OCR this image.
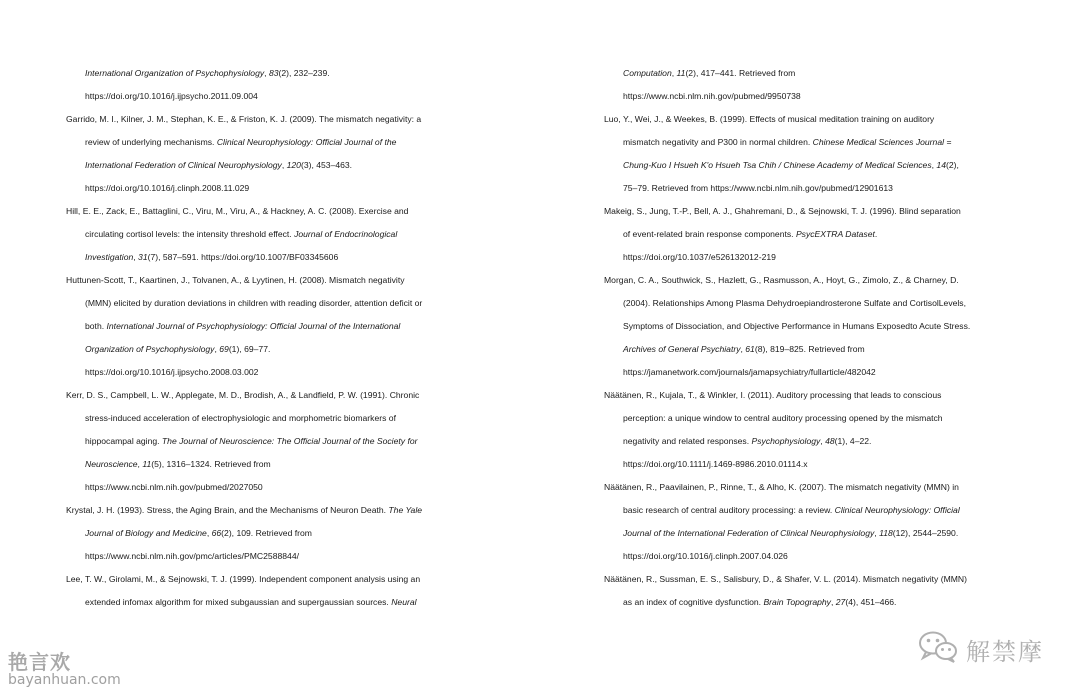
International Organization of Psychophysiology, 83(2), 232–239.
https://doi.org/10.1016/j.ijpsycho.2011.09.004
Garrido, M. I., Kilner, J. M., Stephan, K. E., & Friston, K. J. (2009). The mismatch negativity: a
review of underlying mechanisms. Clinical Neurophysiology: Official Journal of the
International Federation of Clinical Neurophysiology, 120(3), 453–463.
https://doi.org/10.1016/j.clinph.2008.11.029
Hill, E. E., Zack, E., Battaglini, C., Viru, M., Viru, A., & Hackney, A. C. (2008). Exercise and
circulating cortisol levels: the intensity threshold effect. Journal of Endocrinological
Investigation, 31(7), 587–591. https://doi.org/10.1007/BF03345606
Huttunen-Scott, T., Kaartinen, J., Tolvanen, A., & Lyytinen, H. (2008). Mismatch negativity
(MMN) elicited by duration deviations in children with reading disorder, attention deficit or
both. International Journal of Psychophysiology: Official Journal of the International
Organization of Psychophysiology, 69(1), 69–77.
https://doi.org/10.1016/j.ijpsycho.2008.03.002
Kerr, D. S., Campbell, L. W., Applegate, M. D., Brodish, A., & Landfield, P. W. (1991). Chronic
stress-induced acceleration of electrophysiologic and morphometric biomarkers of
hippocampal aging. The Journal of Neuroscience: The Official Journal of the Society for
Neuroscience, 11(5), 1316–1324. Retrieved from
https://www.ncbi.nlm.nih.gov/pubmed/2027050
Krystal, J. H. (1993). Stress, the Aging Brain, and the Mechanisms of Neuron Death. The Yale
Journal of Biology and Medicine, 66(2), 109. Retrieved from
https://www.ncbi.nlm.nih.gov/pmc/articles/PMC2588844/
Lee, T. W., Girolami, M., & Sejnowski, T. J. (1999). Independent component analysis using an
extended infomax algorithm for mixed subgaussian and supergaussian sources. Neural
Computation, 11(2), 417–441. Retrieved from
https://www.ncbi.nlm.nih.gov/pubmed/9950738
Luo, Y., Wei, J., & Weekes, B. (1999). Effects of musical meditation training on auditory
mismatch negativity and P300 in normal children. Chinese Medical Sciences Journal =
Chung-Kuo I Hsueh K'o Hsueh Tsa Chih / Chinese Academy of Medical Sciences, 14(2),
75–79. Retrieved from https://www.ncbi.nlm.nih.gov/pubmed/12901613
Makeig, S., Jung, T.-P., Bell, A. J., Ghahremani, D., & Sejnowski, T. J. (1996). Blind separation
of event-related brain response components. PsycEXTRA Dataset.
https://doi.org/10.1037/e526132012-219
Morgan, C. A., Southwick, S., Hazlett, G., Rasmusson, A., Hoyt, G., Zimolo, Z., & Charney, D.
(2004). Relationships Among Plasma Dehydroepiandrosterone Sulfate and CortisolLevels,
Symptoms of Dissociation, and Objective Performance in Humans Exposedto Acute Stress.
Archives of General Psychiatry, 61(8), 819–825. Retrieved from
https://jamanetwork.com/journals/jamapsychiatry/fullarticle/482042
Näätänen, R., Kujala, T., & Winkler, I. (2011). Auditory processing that leads to conscious
perception: a unique window to central auditory processing opened by the mismatch
negativity and related responses. Psychophysiology, 48(1), 4–22.
https://doi.org/10.1111/j.1469-8986.2010.01114.x
Näätänen, R., Paavilainen, P., Rinne, T., & Alho, K. (2007). The mismatch negativity (MMN) in
basic research of central auditory processing: a review. Clinical Neurophysiology: Official
Journal of the International Federation of Clinical Neurophysiology, 118(12), 2544–2590.
https://doi.org/10.1016/j.clinph.2007.04.026
Näätänen, R., Sussman, E. S., Salisbury, D., & Shafer, V. L. (2014). Mismatch negativity (MMN)
as an index of cognitive dysfunction. Brain Topography, 27(4), 451–466.
艳言欢
bayanhuan.com
解禁摩
